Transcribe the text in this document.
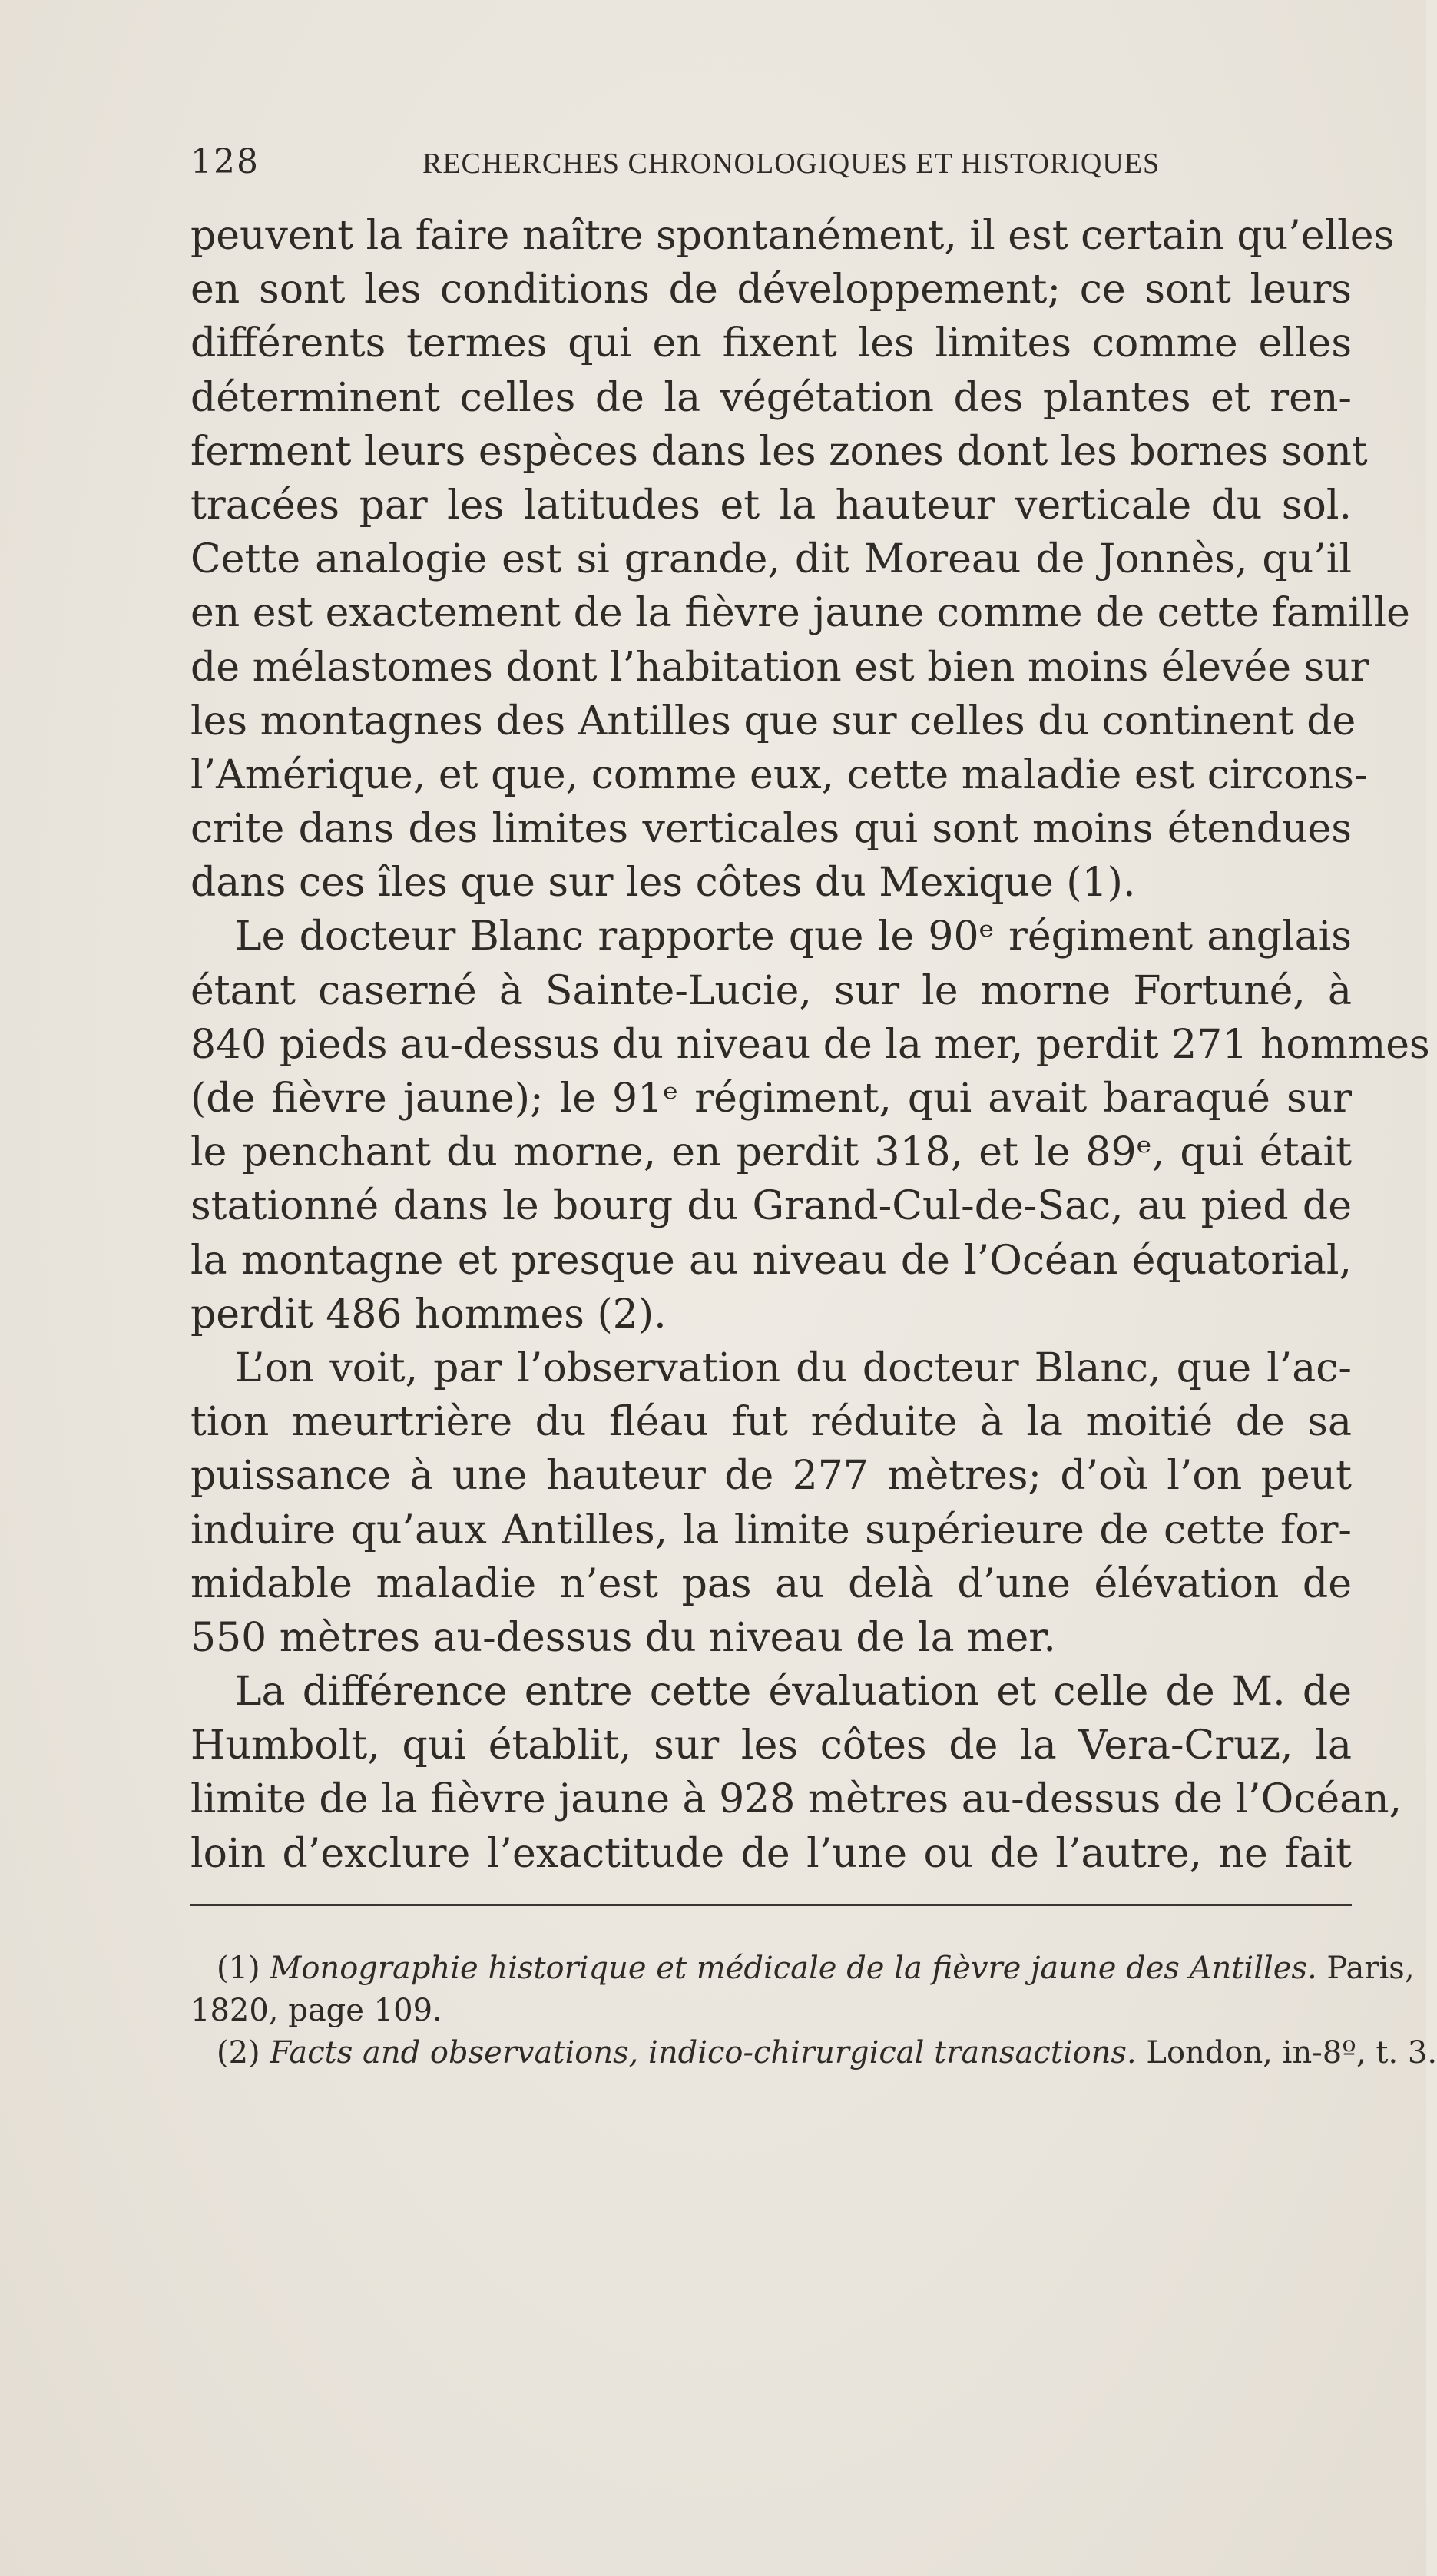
128	RECHERCHES CHRONOLOGIQUES ET HISTORIQUES
peuvent la faire naître spontanément, il est certain qu’elles
en sont les conditions de développement; ce sont leurs
différents termes qui en fixent les limites comme elles
déterminent celles de la végétation des plantes et ren-
ferment leurs espèces dans les zones dont les bornes sont
tracées par les latitudes et la hauteur verticale du sol.
Cette analogie est si grande, dit Moreau de Jonnès, qu’il
en est exactement de la fièvre jaune comme de cette famille
de mélastomes dont l’habitation est bien moins élevée sur
les montagnes des Antilles que sur celles du continent de
l’Amérique, et que, comme eux, cette maladie est circons-
crite dans des limites verticales qui sont moins étendues
dans ces îles que sur les côtes du Mexique (1).
Le docteur Blanc rapporte que le 90ᵉ régiment anglais
étant caserné à Sainte-Lucie, sur le morne Fortuné, à
840 pieds au-dessus du niveau de la mer, perdit 271 hommes
(de fièvre jaune); le 91ᵉ régiment, qui avait baraqué sur
le penchant du morne, en perdit 318, et le 89ᵉ, qui était
stationné dans le bourg du Grand-Cul-de-Sac, au pied de
la montagne et presque au niveau de l’Océan équatorial,
perdit 486 hommes (2).
L’on voit, par l’observation du docteur Blanc, que l’ac-
tion meurtrière du fléau fut réduite à la moitié de sa
puissance à une hauteur de 277 mètres; d’où l’on peut
induire qu’aux Antilles, la limite supérieure de cette for-
midable maladie n’est pas au delà d’une élévation de
550 mètres au-dessus du niveau de la mer.
La différence entre cette évaluation et celle de M. de
Humbolt, qui établit, sur les côtes de la Vera-Cruz, la
limite de la fièvre jaune à 928 mètres au-dessus de l’Océan,
loin d’exclure l’exactitude de l’une ou de l’autre, ne fait
(1) Monographie historique et médicale de la fièvre jaune des Antilles. Paris,
1820, page 109.
(2) Facts and observations, indico-chirurgical transactions. London, in-8º, t. 3.
